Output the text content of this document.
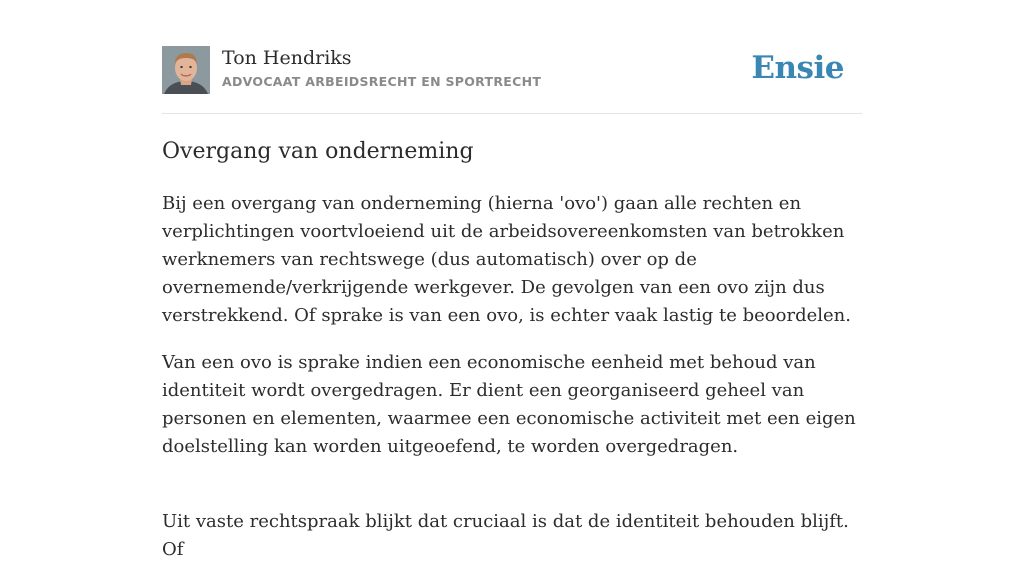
Ton Hendriks
ADVOCAAT ARBEIDSRECHT EN SPORTRECHT	Ensie
Overgang van onderneming

Bij een overgang van onderneming (hierna 'ovo') gaan alle rechten en verplichtingen voortvloeiend uit de arbeidsovereenkomsten van betrokken werknemers van rechtswege (dus automatisch) over op de overnemende/verkrijgende werkgever. De gevolgen van een ovo zijn dus verstrekkend. Of sprake is van een ovo, is echter vaak lastig te beoordelen.

Van een ovo is sprake indien een economische eenheid met behoud van identiteit wordt overgedragen. Er dient een georganiseerd geheel van personen en elementen, waarmee een economische activiteit met een eigen doelstelling kan worden uitgeoefend, te worden overgedragen.

Uit vaste rechtspraak blijkt dat cruciaal is dat de identiteit behouden blijft. Of
